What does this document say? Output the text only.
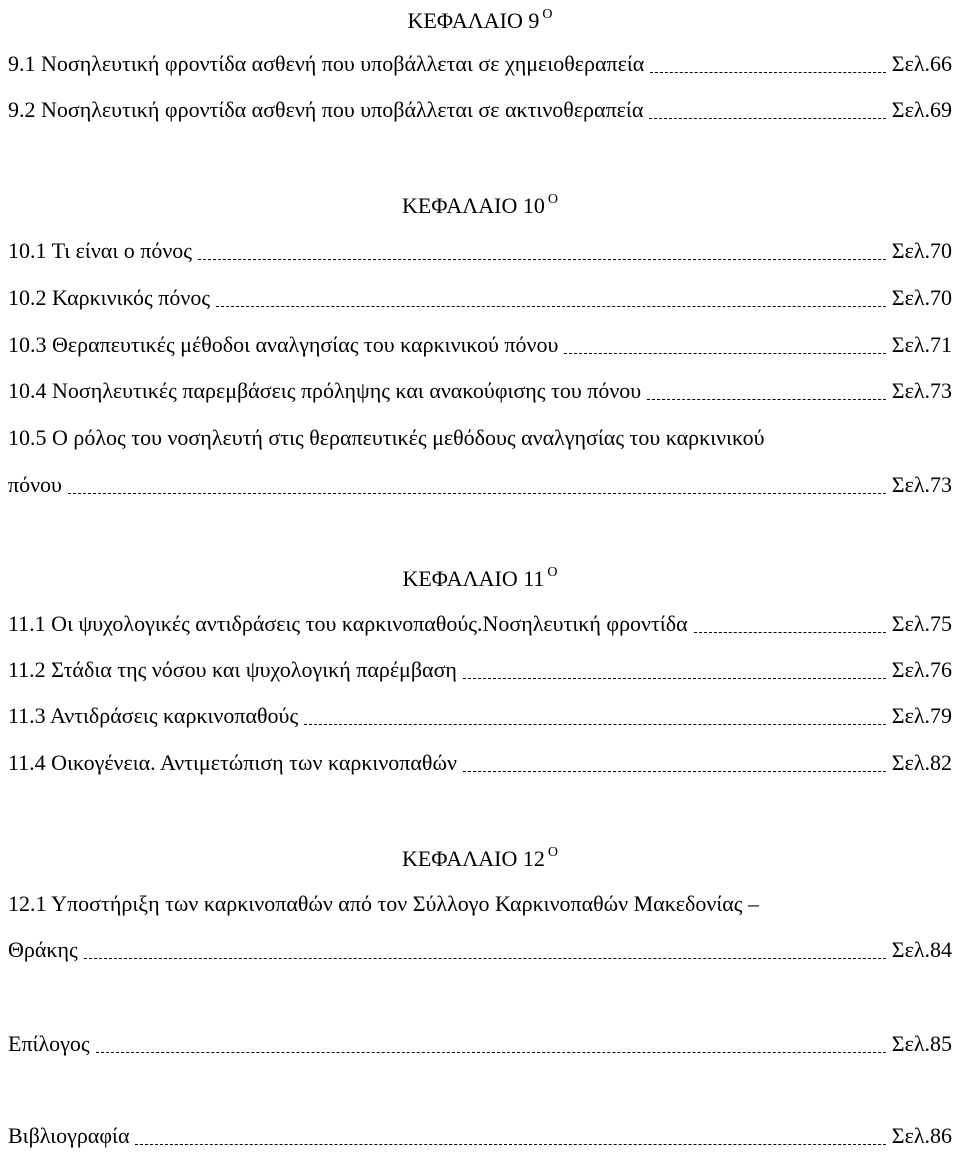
ΚΕΦΑΛΑΙΟ 9 $^O$
9.1 Νοσηλευτική φροντίδα ασθενή που υποβάλλεται σε χημειοθεραπεία	Σελ.66
9.2 Νοσηλευτική φροντίδα ασθενή που υποβάλλεται σε ακτινοθεραπεία	Σελ.69
ΚΕΦΑΛΑΙΟ 10 $^O$
10.1 Τι είναι ο πόνος	Σελ.70
10.2 Καρκινικός πόνος	Σελ.70
10.3 Θεραπευτικές μέθοδοι αναλγησίας του καρκινικού πόνου	Σελ.71
10.4 Νοσηλευτικές παρεμβάσεις πρόληψης και ανακούφισης του πόνου	Σελ.73
10.5 Ο ρόλος του νοσηλευτή στις θεραπευτικές μεθόδους αναλγησίας του καρκινικού
πόνου	Σελ.73
ΚΕΦΑΛΑΙΟ 11 $^O$
11.1 Οι ψυχολογικές αντιδράσεις του καρκινοπαθούς.Νοσηλευτική φροντίδα	Σελ.75
11.2 Στάδια της νόσου και ψυχολογική παρέμβαση	Σελ.76
11.3 Αντιδράσεις καρκινοπαθούς	Σελ.79
11.4 Οικογένεια. Αντιμετώπιση των καρκινοπαθών	Σελ.82
ΚΕΦΑΛΑΙΟ 12 $^O$
12.1 Υποστήριξη των καρκινοπαθών από τον Σύλλογο Καρκινοπαθών Μακεδονίας –
Θράκης	Σελ.84
Επίλογος	Σελ.85
Βιβλιογραφία	Σελ.86
